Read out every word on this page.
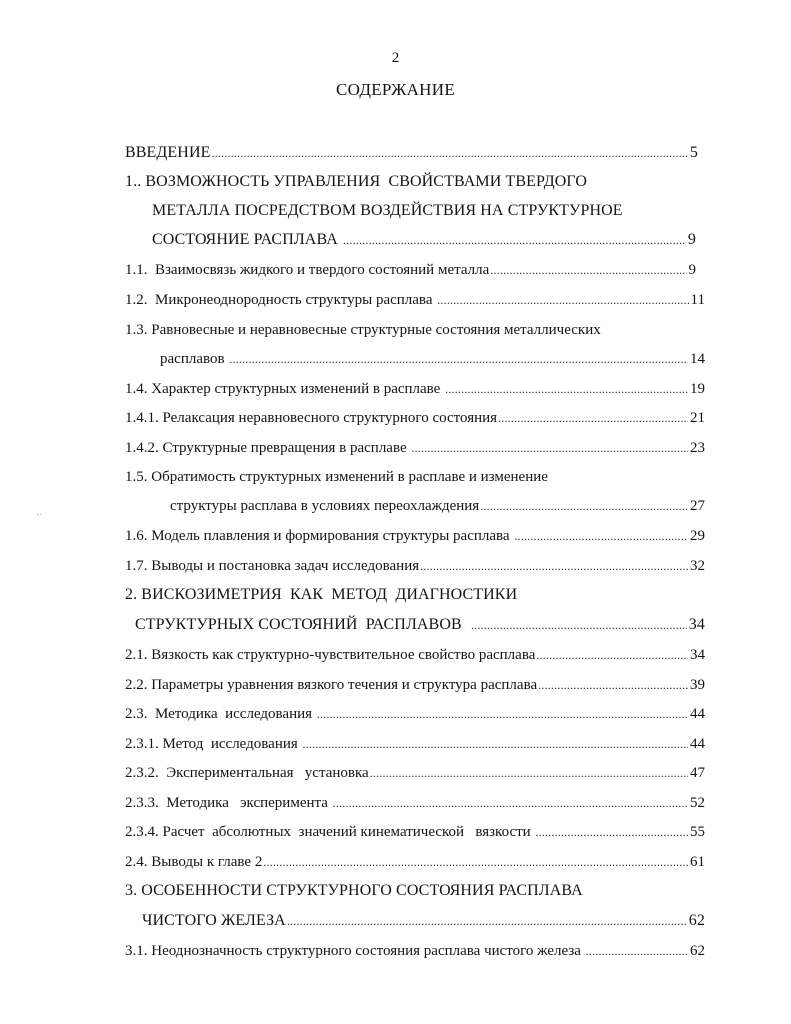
2
СОДЕРЖАНИЕ
ВВЕДЕНИЕ .....	5
1.. ВОЗМОЖНОСТЬ УПРАВЛЕНИЯ  СВОЙСТВАМИ ТВЕРДОГО
МЕТАЛЛА ПОСРЕДСТВОМ ВОЗДЕЙСТВИЯ НА СТРУКТУРНОЕ
СОСТОЯНИЕ РАСПЛАВА .....	9
1.1.  Взаимосвязь жидкого и твердого состояний металла .....	9
1.2.  Микронеоднородность структуры расплава .....	11
1.3. Равновесные и неравновесные структурные состояния металлических
расплавов .....	14
1.4. Характер структурных изменений в расплаве .....	19
1.4.1. Релаксация неравновесного структурного состояния .....	21
1.4.2. Структурные превращения в расплаве .....	23
1.5. Обратимость структурных изменений в расплаве и изменение
структуры расплава в условиях переохлаждения .....	27
1.6. Модель плавления и формирования структуры расплава .....	29
1.7. Выводы и постановка задач исследования .....	32
2. ВИСКОЗИМЕТРИЯ  КАК  МЕТОД  ДИАГНОСТИКИ
СТРУКТУРНЫХ СОСТОЯНИЙ  РАСПЛАВОВ .....	34
2.1. Вязкость как структурно-чувствительное свойство расплава .....	34
2.2. Параметры уравнения вязкого течения и структура расплава .....	39
2.3.  Методика  исследования .....	44
2.3.1. Метод  исследования .....	44
2.3.2.  Экспериментальная   установка .....	47
2.3.3.  Методика   эксперимента .....	52
2.3.4. Расчет  абсолютных  значений кинематической   вязкости .....	55
2.4. Выводы к главе 2 .....	61
3. ОСОБЕННОСТИ СТРУКТУРНОГО СОСТОЯНИЯ РАСПЛАВА
ЧИСТОГО ЖЕЛЕЗА .....	62
3.1. Неоднозначность структурного состояния расплава чистого железа .....	62
